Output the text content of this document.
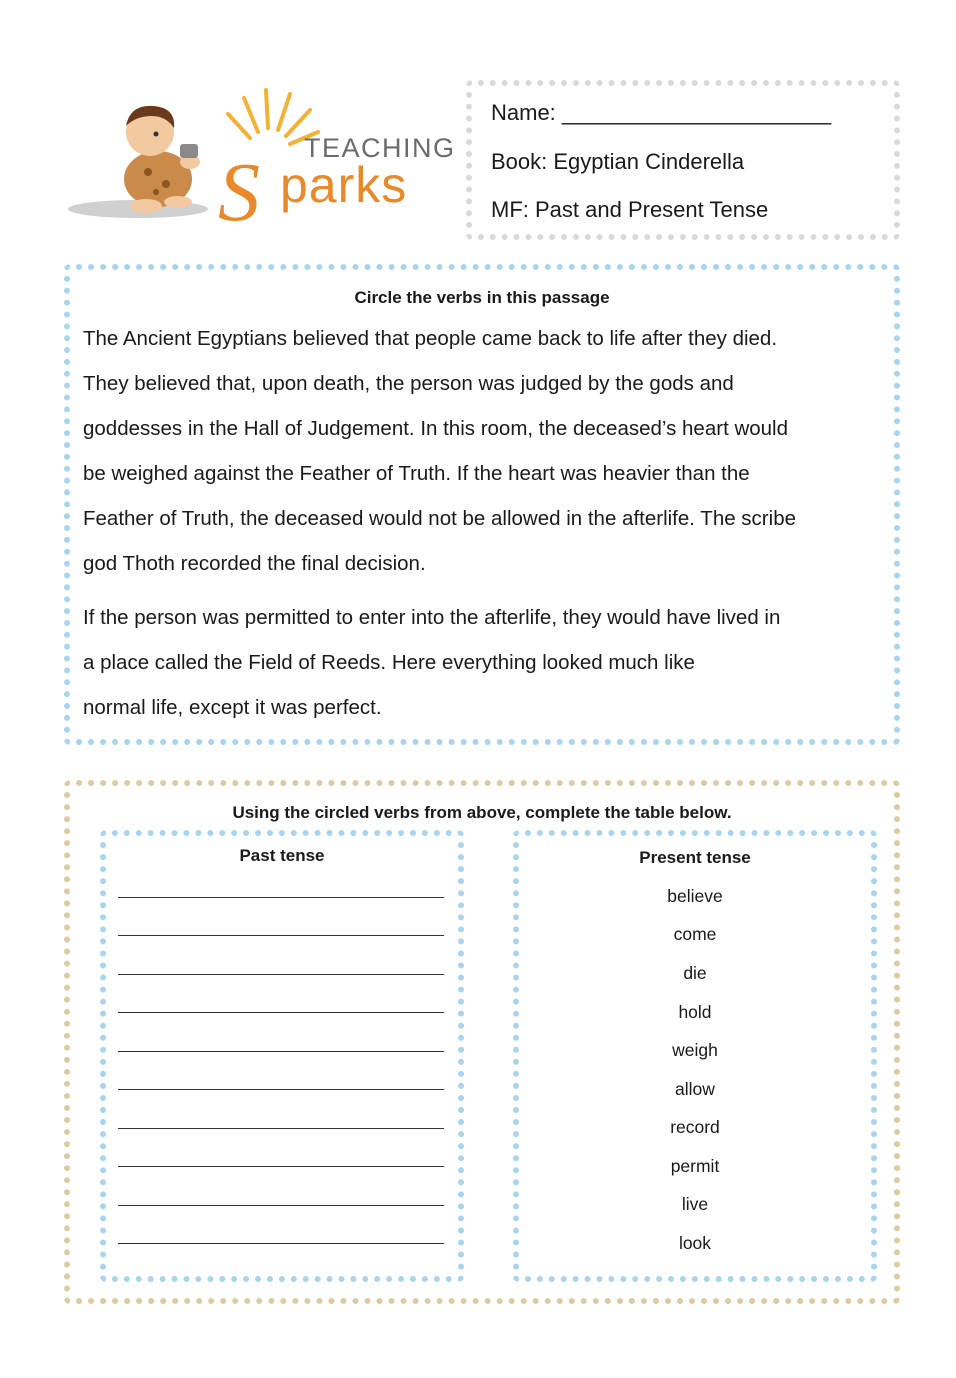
S parks
TEACHING
Name: ______________________
Book: Egyptian Cinderella
MF: Past and Present Tense
Circle the verbs in this passage
The Ancient Egyptians believed that people came back to life after they died.
They believed that, upon death, the person was judged by the gods and
goddesses in the Hall of Judgement. In this room, the deceased’s heart would
be weighed against the Feather of Truth. If the heart was heavier than the
Feather of Truth, the deceased would not be allowed in the afterlife. The scribe
god Thoth recorded the final decision.
If the person was permitted to enter into the afterlife, they would have lived in
a place called the Field of Reeds. Here everything looked much like
normal life, except it was perfect.
Using the circled verbs from above, complete the table below.
Past tense	Present tense
believe
come
die
hold
weigh
allow
record
permit
live
look
